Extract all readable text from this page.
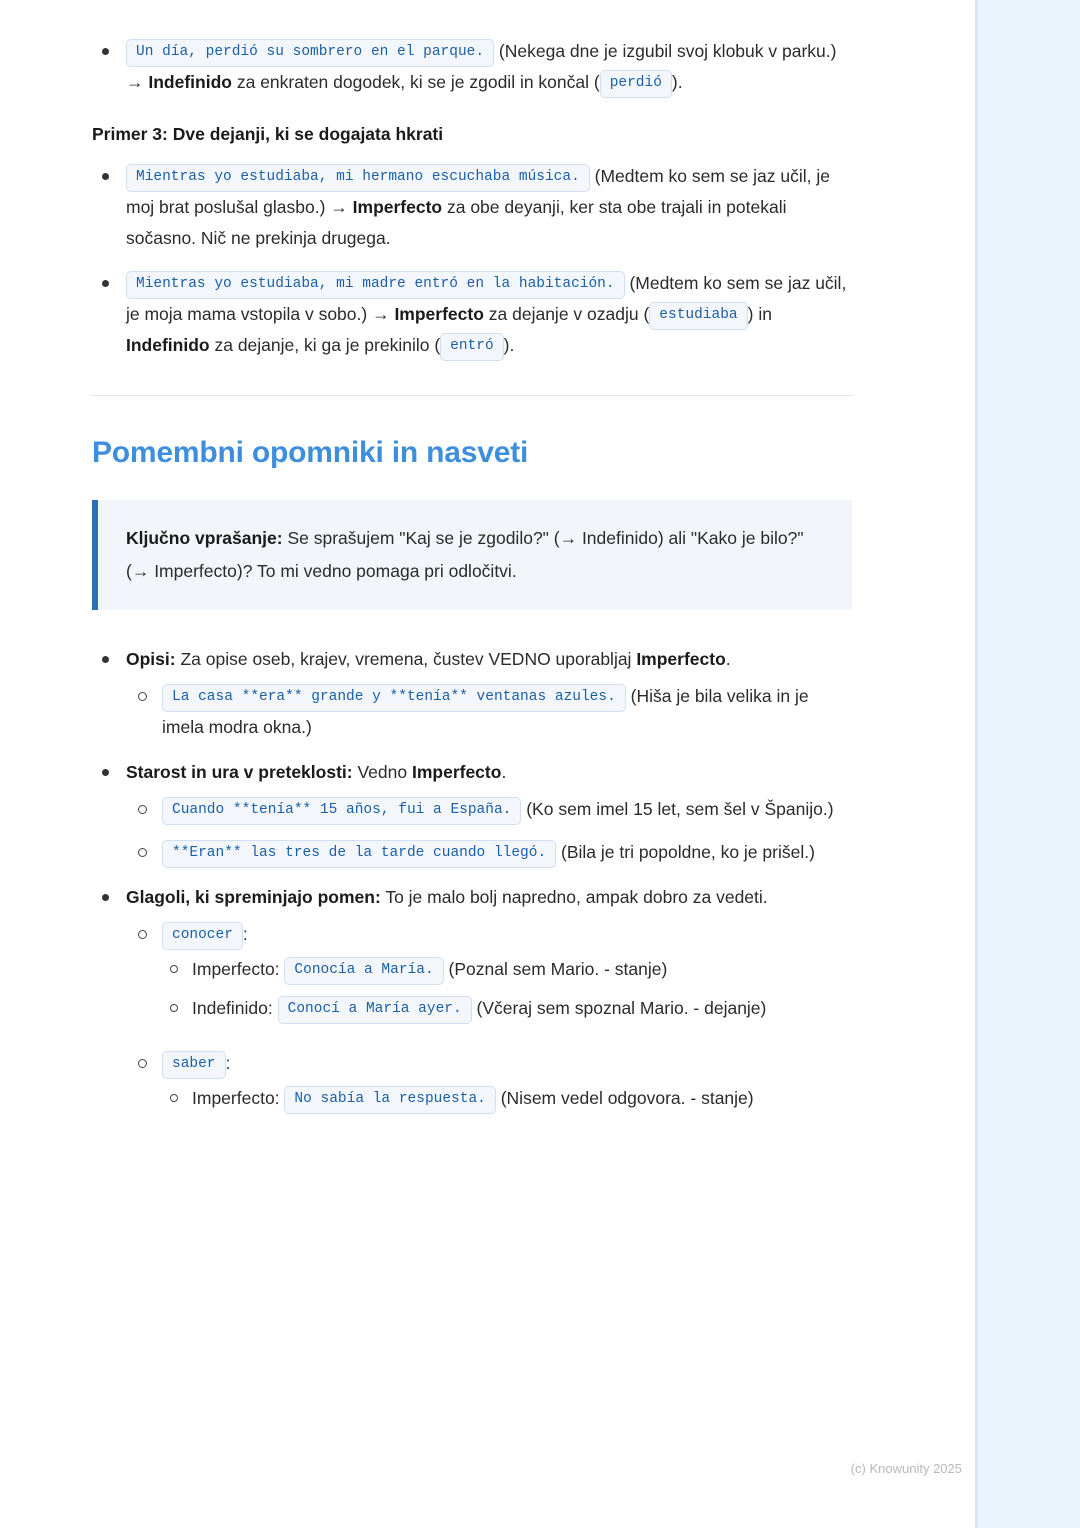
Un día, perdió su sombrero en el parque. (Nekega dne je izgubil svoj klobuk v parku.) → Indefinido za enkraten dogodek, ki se je zgodil in končal ( perdió ).
Primer 3: Dve dejanji, ki se dogajata hkrati
Mientras yo estudiaba, mi hermano escuchaba música. (Medtem ko sem se jaz učil, je moj brat poslušal glasbo.) → Imperfecto za obe deyanji, ker sta obe trajali in potekali sočasno. Nič ne prekinja drugega.
Mientras yo estudiaba, mi madre entró en la habitación. (Medtem ko sem se jaz učil, je moja mama vstopila v sobo.) → Imperfecto za dejanje v ozadju ( estudiaba ) in Indefinido za dejanje, ki ga je prekinilo ( entró ).
Pomembni opomniki in nasveti
Ključno vprašanje: Se sprašujem "Kaj se je zgodilo?" (→ Indefinido) ali "Kako je bilo?" (→ Imperfecto)? To mi vedno pomaga pri odločitvi.
Opisi: Za opise oseb, krajev, vremena, čustev VEDNO uporabljaj Imperfecto.
La casa **era** grande y **tenía** ventanas azules. (Hiša je bila velika in je imela modra okna.)
Starost in ura v preteklosti: Vedno Imperfecto.
Cuando **tenía** 15 años, fui a España. (Ko sem imel 15 let, sem šel v Španijo.)
**Eran** las tres de la tarde cuando llegó. (Bila je tri popoldne, ko je prišel.)
Glagoli, ki spreminjajo pomen: To je malo bolj napredno, ampak dobro za vedeti.
conocer :
Imperfecto: Conocía a María. (Poznal sem Mario. - stanje)
Indefinido: Conocí a María ayer. (Včeraj sem spoznal Mario. - dejanje)
saber :
Imperfecto: No sabía la respuesta. (Nisem vedel odgovora. - stanje)
(c) Knowunity 2025
